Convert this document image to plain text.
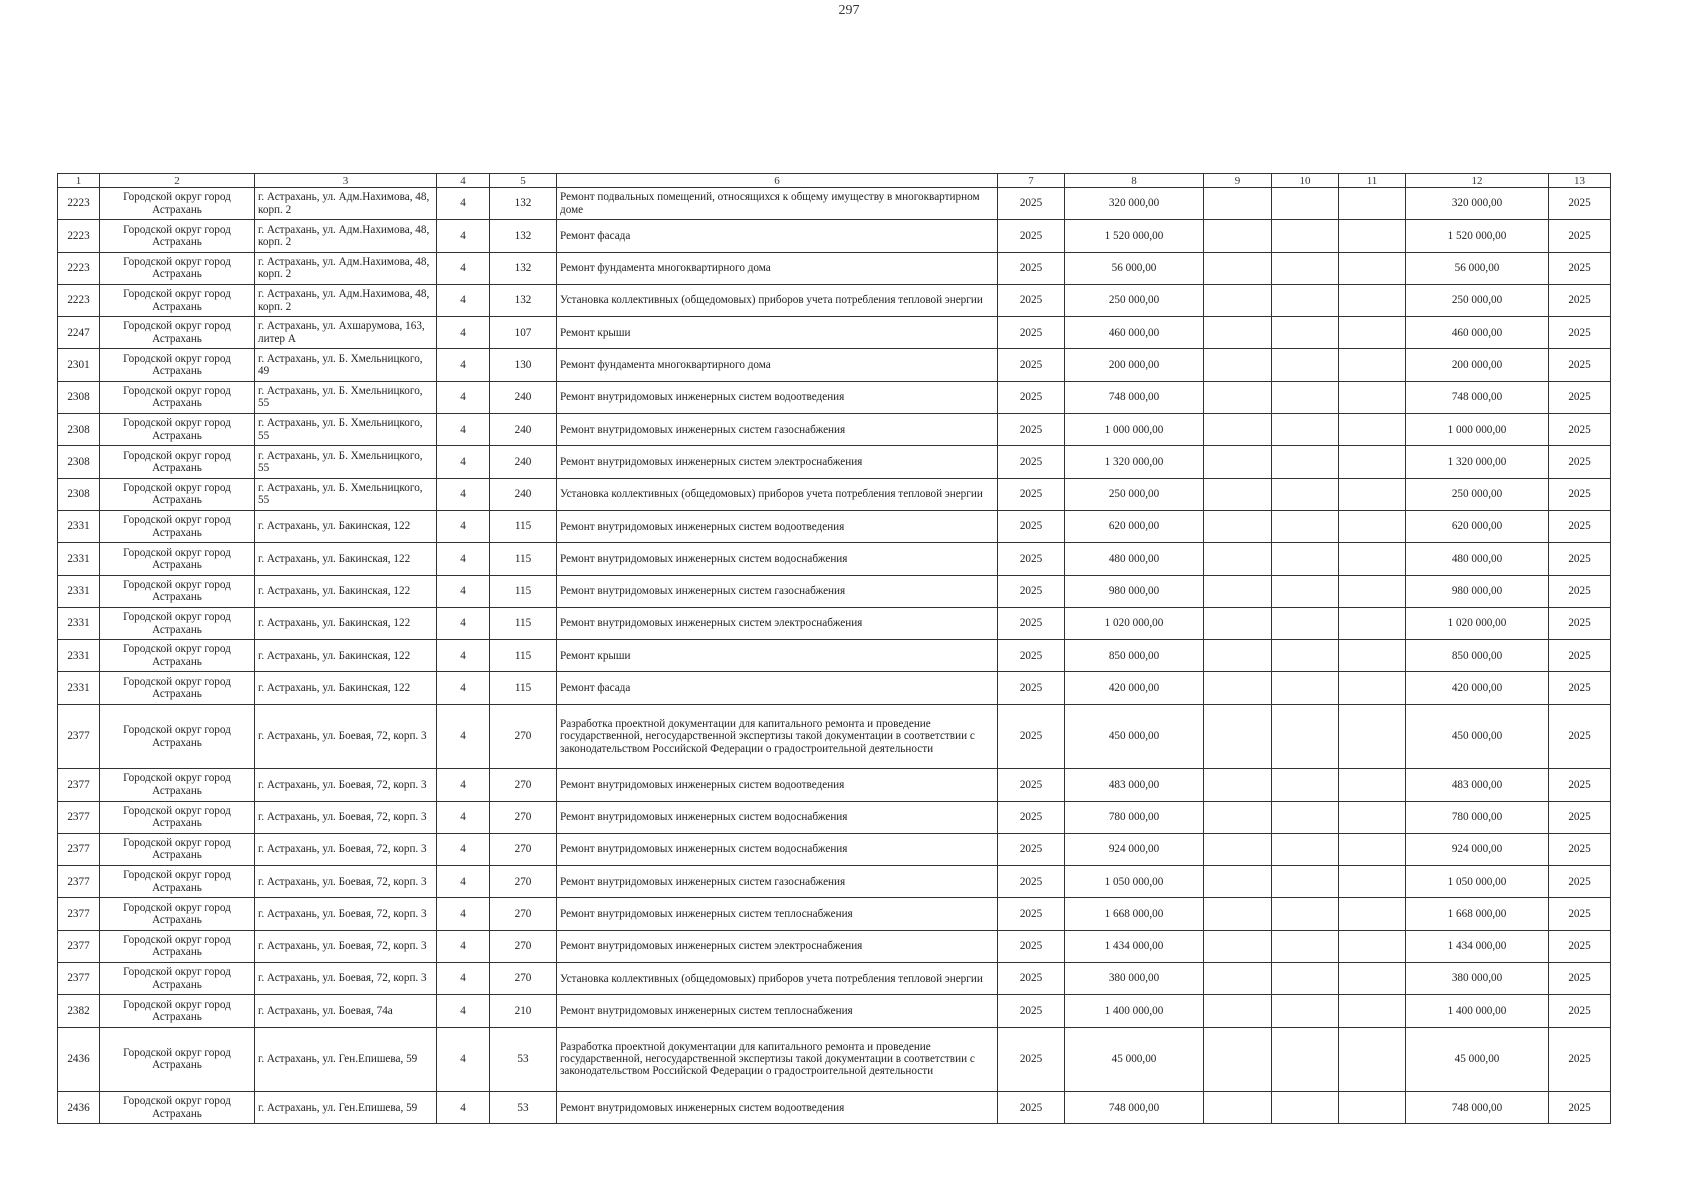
297
1	2	3	4	5	6	7	8	9	10	11	12	13
2223	Городской округ город Астрахань	г. Астрахань, ул. Адм.Нахимова, 48, корп. 2	4	132	Ремонт подвальных помещений, относящихся к общему имуществу в многоквартирном доме	2025	320 000,00				320 000,00	2025
2223	Городской округ город Астрахань	г. Астрахань, ул. Адм.Нахимова, 48, корп. 2	4	132	Ремонт фасада	2025	1 520 000,00				1 520 000,00	2025
2223	Городской округ город Астрахань	г. Астрахань, ул. Адм.Нахимова, 48, корп. 2	4	132	Ремонт фундамента многоквартирного дома	2025	56 000,00				56 000,00	2025
2223	Городской округ город Астрахань	г. Астрахань, ул. Адм.Нахимова, 48, корп. 2	4	132	Установка коллективных (общедомовых) приборов учета потребления тепловой энергии	2025	250 000,00				250 000,00	2025
2247	Городской округ город Астрахань	г. Астрахань, ул. Ахшарумова, 163, литер А	4	107	Ремонт крыши	2025	460 000,00				460 000,00	2025
2301	Городской округ город Астрахань	г. Астрахань, ул. Б. Хмельницкого, 49	4	130	Ремонт фундамента многоквартирного дома	2025	200 000,00				200 000,00	2025
2308	Городской округ город Астрахань	г. Астрахань, ул. Б. Хмельницкого, 55	4	240	Ремонт внутридомовых инженерных систем водоотведения	2025	748 000,00				748 000,00	2025
2308	Городской округ город Астрахань	г. Астрахань, ул. Б. Хмельницкого, 55	4	240	Ремонт внутридомовых инженерных систем газоснабжения	2025	1 000 000,00				1 000 000,00	2025
2308	Городской округ город Астрахань	г. Астрахань, ул. Б. Хмельницкого, 55	4	240	Ремонт внутридомовых инженерных систем электроснабжения	2025	1 320 000,00				1 320 000,00	2025
2308	Городской округ город Астрахань	г. Астрахань, ул. Б. Хмельницкого, 55	4	240	Установка коллективных (общедомовых) приборов учета потребления тепловой энергии	2025	250 000,00				250 000,00	2025
2331	Городской округ город Астрахань	г. Астрахань, ул. Бакинская, 122	4	115	Ремонт внутридомовых инженерных систем водоотведения	2025	620 000,00				620 000,00	2025
2331	Городской округ город Астрахань	г. Астрахань, ул. Бакинская, 122	4	115	Ремонт внутридомовых инженерных систем водоснабжения	2025	480 000,00				480 000,00	2025
2331	Городской округ город Астрахань	г. Астрахань, ул. Бакинская, 122	4	115	Ремонт внутридомовых инженерных систем газоснабжения	2025	980 000,00				980 000,00	2025
2331	Городской округ город Астрахань	г. Астрахань, ул. Бакинская, 122	4	115	Ремонт внутридомовых инженерных систем электроснабжения	2025	1 020 000,00				1 020 000,00	2025
2331	Городской округ город Астрахань	г. Астрахань, ул. Бакинская, 122	4	115	Ремонт крыши	2025	850 000,00				850 000,00	2025
2331	Городской округ город Астрахань	г. Астрахань, ул. Бакинская, 122	4	115	Ремонт фасада	2025	420 000,00				420 000,00	2025
2377	Городской округ город Астрахань	г. Астрахань, ул. Боевая, 72, корп. 3	4	270	Разработка проектной документации для капитального ремонта и проведение государственной, негосударственной экспертизы такой документации в соответствии с законодательством Российской Федерации о градостроительной деятельности	2025	450 000,00				450 000,00	2025
2377	Городской округ город Астрахань	г. Астрахань, ул. Боевая, 72, корп. 3	4	270	Ремонт внутридомовых инженерных систем водоотведения	2025	483 000,00				483 000,00	2025
2377	Городской округ город Астрахань	г. Астрахань, ул. Боевая, 72, корп. 3	4	270	Ремонт внутридомовых инженерных систем водоснабжения	2025	780 000,00				780 000,00	2025
2377	Городской округ город Астрахань	г. Астрахань, ул. Боевая, 72, корп. 3	4	270	Ремонт внутридомовых инженерных систем водоснабжения	2025	924 000,00				924 000,00	2025
2377	Городской округ город Астрахань	г. Астрахань, ул. Боевая, 72, корп. 3	4	270	Ремонт внутридомовых инженерных систем газоснабжения	2025	1 050 000,00				1 050 000,00	2025
2377	Городской округ город Астрахань	г. Астрахань, ул. Боевая, 72, корп. 3	4	270	Ремонт внутридомовых инженерных систем теплоснабжения	2025	1 668 000,00				1 668 000,00	2025
2377	Городской округ город Астрахань	г. Астрахань, ул. Боевая, 72, корп. 3	4	270	Ремонт внутридомовых инженерных систем электроснабжения	2025	1 434 000,00				1 434 000,00	2025
2377	Городской округ город Астрахань	г. Астрахань, ул. Боевая, 72, корп. 3	4	270	Установка коллективных (общедомовых) приборов учета потребления тепловой энергии	2025	380 000,00				380 000,00	2025
2382	Городской округ город Астрахань	г. Астрахань, ул. Боевая, 74а	4	210	Ремонт внутридомовых инженерных систем теплоснабжения	2025	1 400 000,00				1 400 000,00	2025
2436	Городской округ город Астрахань	г. Астрахань, ул. Ген.Епишева, 59	4	53	Разработка проектной документации для капитального ремонта и проведение государственной, негосударственной экспертизы такой документации в соответствии с законодательством Российской Федерации о градостроительной деятельности	2025	45 000,00				45 000,00	2025
2436	Городской округ город Астрахань	г. Астрахань, ул. Ген.Епишева, 59	4	53	Ремонт внутридомовых инженерных систем водоотведения	2025	748 000,00				748 000,00	2025
